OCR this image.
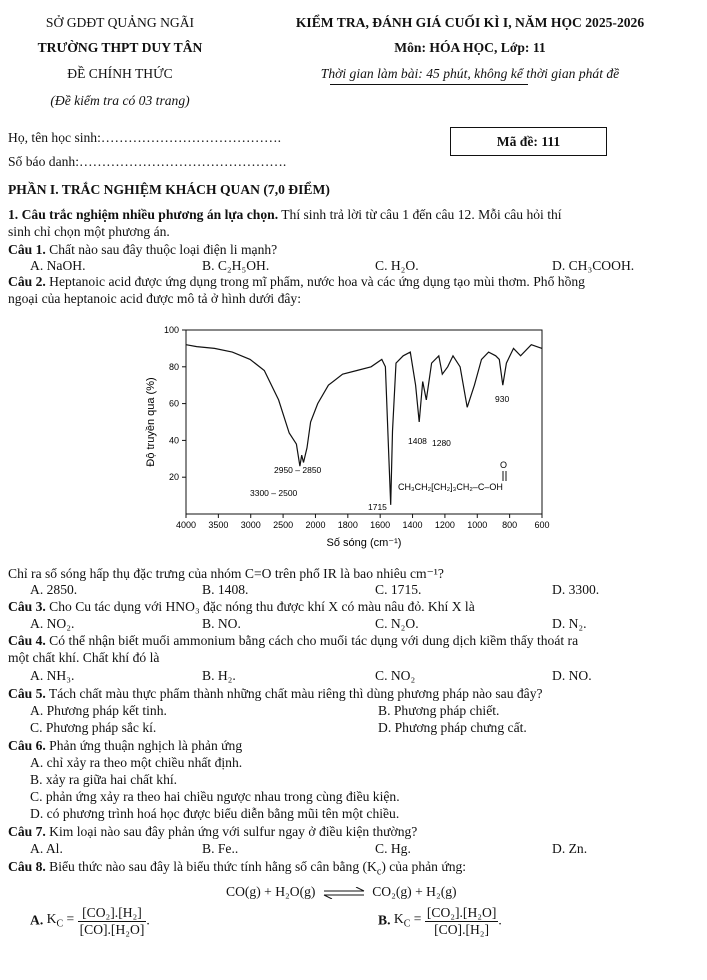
SỞ GDĐT QUẢNG NGÃI
TRƯỜNG THPT DUY TÂN
ĐỀ CHÍNH THỨC
(Đề kiểm tra có 03 trang)
KIỂM TRA, ĐÁNH GIÁ CUỐI KÌ I, NĂM HỌC 2025-2026
Môn: HÓA HỌC, Lớp: 11
Thời gian làm bài: 45 phút, không kể thời gian phát đề
Họ, tên học sinh:………………………………….
Số báo danh:……………………………………….
Mã đề: 111
PHẦN I. TRẮC NGHIỆM KHÁCH QUAN (7,0 ĐIỂM)
1. Câu trắc nghiệm nhiều phương án lựa chọn. Thí sinh trả lời từ câu 1 đến câu 12. Mỗi câu hỏi thí
sinh chỉ chọn một phương án.
Câu 1. Chất nào sau đây thuộc loại điện li mạnh?
A. NaOH.	B. C₂H₅OH.	C. H₂O.	D. CH₃COOH.
Câu 2. Heptanoic acid được ứng dụng trong mĩ phẩm, nước hoa và các ứng dụng tạo mùi thơm. Phổ hồng
ngoại của heptanoic acid được mô tả ở hình dưới đây:
20
40
60
80
100
4000 3500 3000 2500 2000 1800 1600 1400 1200 1000 800 600
Số sóng (cm⁻¹)
Độ truyền qua (%)	930
1408 1280
2950 – 2850
3300 – 2500
1715
CH₃CH₂[CH₂]₃CH₂–C–OH
O
Chỉ ra số sóng hấp thụ đặc trưng của nhóm C=O trên phổ IR là bao nhiêu cm⁻¹?
A. 2850.	B. 1408.	C. 1715.	D. 3300.
Câu 3. Cho Cu tác dụng với HNO₃ đặc nóng thu được khí X có màu nâu đỏ. Khí X là
A. NO₂.	B. NO.	C. N₂O.	D. N₂.
Câu 4. Có thể nhận biết muối ammonium bằng cách cho muối tác dụng với dung dịch kiềm thấy thoát ra
một chất khí. Chất khí đó là
A. NH₃.	B. H₂.	C. NO₂	D. NO.
Câu 5. Tách chất màu thực phẩm thành những chất màu riêng thì dùng phương pháp nào sau đây?
A. Phương pháp kết tinh.	B. Phương pháp chiết.
C. Phương pháp sắc kí.	D. Phương pháp chưng cất.
Câu 6. Phản ứng thuận nghịch là phản ứng
A. chỉ xảy ra theo một chiều nhất định.
B. xảy ra giữa hai chất khí.
C. phản ứng xảy ra theo hai chiều ngược nhau trong cùng điều kiện.
D. có phương trình hoá học được biểu diễn bằng mũi tên một chiều.
Câu 7. Kim loại nào sau đây phản ứng với sulfur ngay ở điều kiện thường?
A. Al.	B. Fe..	C. Hg.	D. Zn.
Câu 8. Biểu thức nào sau đây là biểu thức tính hằng số cân bằng $(K_c)$ của phản ứng:
CO(g) + H₂O(g) ⇌ CO₂(g) + H₂(g)
A. $K_C = \frac{\text{[CO₂].[H₂]}}{\text{[CO].[H₂O]}}$ .	B. $K_C = \frac{\text{[CO₂].[H₂O]}}{\text{[CO].[H₂]}}$ .
